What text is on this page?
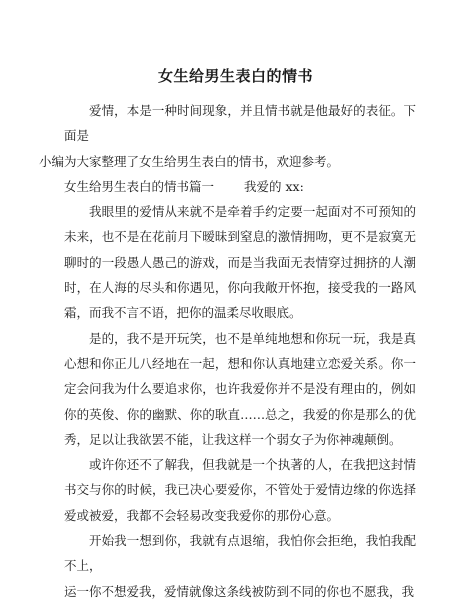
女生给男生表白的情书

爱情，本是一种时间现象，并且情书就是他最好的表征。下面是
小编为大家整理了女生给男生表白的情书，欢迎参考。

女生给男生表白的情书篇一 我爱的 xx:

我眼里的爱情从来就不是牵着手约定要一起面对不可预知的未来，也不是在花前月下暧昧到窒息的激情拥吻，更不是寂寞无聊时的一段愚人愚己的游戏，而是当我面无表情穿过拥挤的人潮时，在人海的尽头和你遇见，你向我敞开怀抱，接受我的一路风霜，而我不言不语，把你的温柔尽收眼底。

是的，我不是开玩笑，也不是单纯地想和你玩一玩，我是真心想和你正儿八经地在一起，想和你认真地建立恋爱关系。你一定会问我为什么要追求你，也许我爱你并不是没有理由的，例如你的英俊、你的幽默、你的耿直……总之，我爱的你是那么的优秀，足以让我欲罢不能，让我这样一个弱女子为你神魂颠倒。

或许你还不了解我，但我就是一个执著的人，在我把这封情书交与你的时候，我已决心要爱你，不管处于爱情边缘的你选择爱或被爱，我都不会轻易改变我爱你的那份心意。

开始我一想到你，我就有点退缩，我怕你会拒绝，我怕我配不上，

运一你不想爱我，爱情就像这条线被防到不同的你也不愿我，我
